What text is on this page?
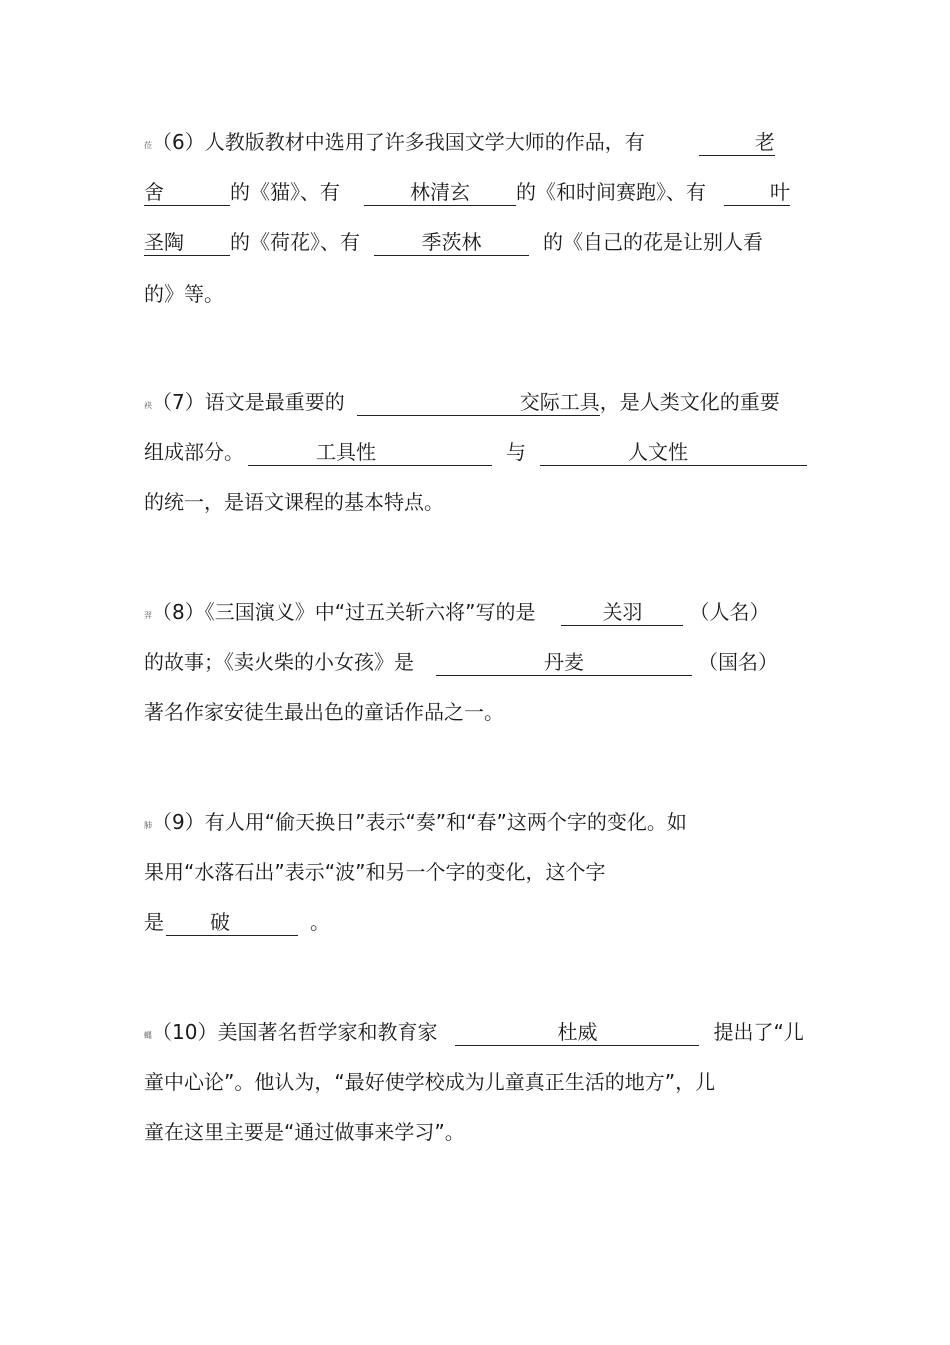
莅 （6）人教版教材中选用了许多我国文学大师的作品，有	老
舍	的《猫》、有	林清玄 的《和时间赛跑》、有	叶
圣陶 的《荷花》、有	季茨林	的《自己的花是让别人看
的》等。
袂 （7）语文是最重要的	交际工具，是人类文化的重要
组成部分。	工具性	与	人文性
的统一，是语文课程的基本特点。
羿 （8）《三国演义》中“过五关斩六将”写的是	关羽 （人名）
的故事；《卖火柴的小女孩》是	丹麦	（国名）
著名作家安徒生最出色的童话作品之一。
肺 （9）有人用“偷天换日”表示“奏”和“春”这两个字的变化。如
果用“水落石出”表示“波”和另一个字的变化，这个字
是 破	。
蝿 （10）美国著名哲学家和教育家	杜威	提出了“儿
童中心论”。他认为，“最好使学校成为儿童真正生活的地方”，儿
童在这里主要是“通过做事来学习”。
